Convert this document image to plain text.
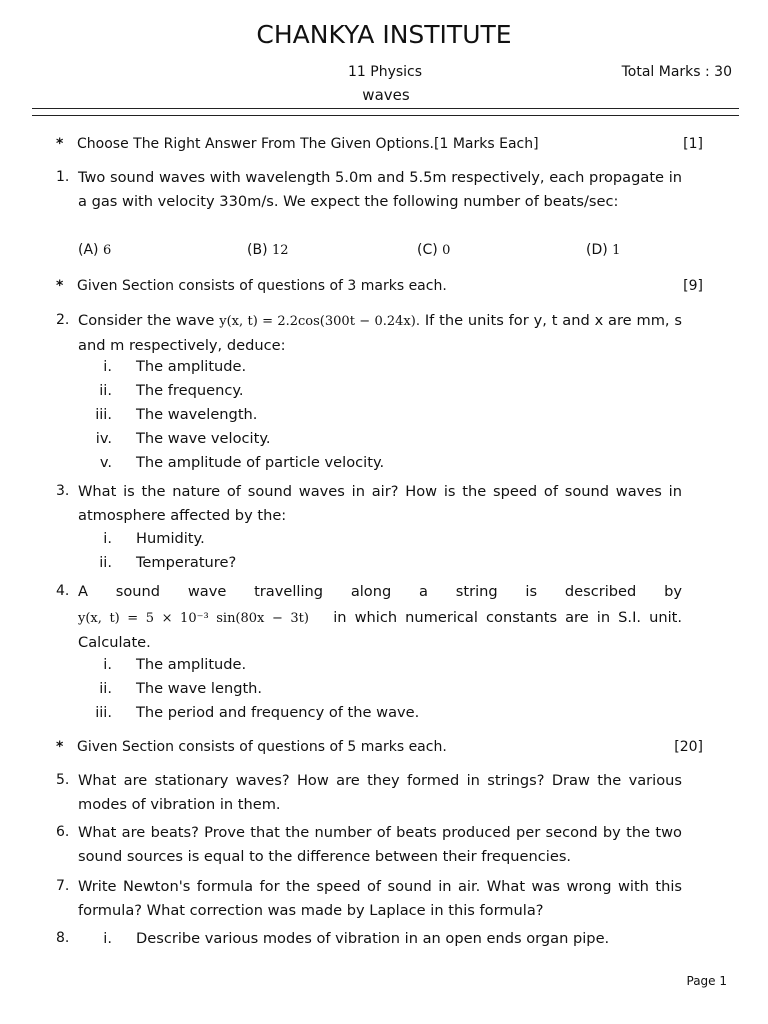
CHANKYA INSTITUTE
11 Physics	Total Marks : 30
waves
* Choose The Right Answer From The Given Options.[1 Marks Each]	[1]
1. Two sound waves with wavelength 5.0m and 5.5m respectively, each propagate in a gas with velocity 330m/s. We expect the following number of beats/sec:
(A) 6	(B) 12	(C) 0	(D) 1
* Given Section consists of questions of 3 marks each.	[9]
2. Consider the wave y(x, t) = 2.2cos(300t − 0.24x). If the units for y, t and x are mm, s and m respectively, deduce:
i. The amplitude.
ii. The frequency.
iii. The wavelength.
iv. The wave velocity.
v. The amplitude of particle velocity.
3. What is the nature of sound waves in air? How is the speed of sound waves in atmosphere affected by the:
i. Humidity.
ii. Temperature?
4. A sound wave travelling along a string is described by
y(x, t) = 5 × 10⁻³ sin(80x − 3t) in which numerical constants are in S.I. unit. Calculate.
i. The amplitude.
ii. The wave length.
iii. The period and frequency of the wave.
* Given Section consists of questions of 5 marks each.	[20]
5. What are stationary waves? How are they formed in strings? Draw the various modes of vibration in them.
6. What are beats? Prove that the number of beats produced per second by the two sound sources is equal to the difference between their frequencies.
7. Write Newton's formula for the speed of sound in air. What was wrong with this formula? What correction was made by Laplace in this formula?
8.	i. Describe various modes of vibration in an open ends organ pipe.
Page 1
